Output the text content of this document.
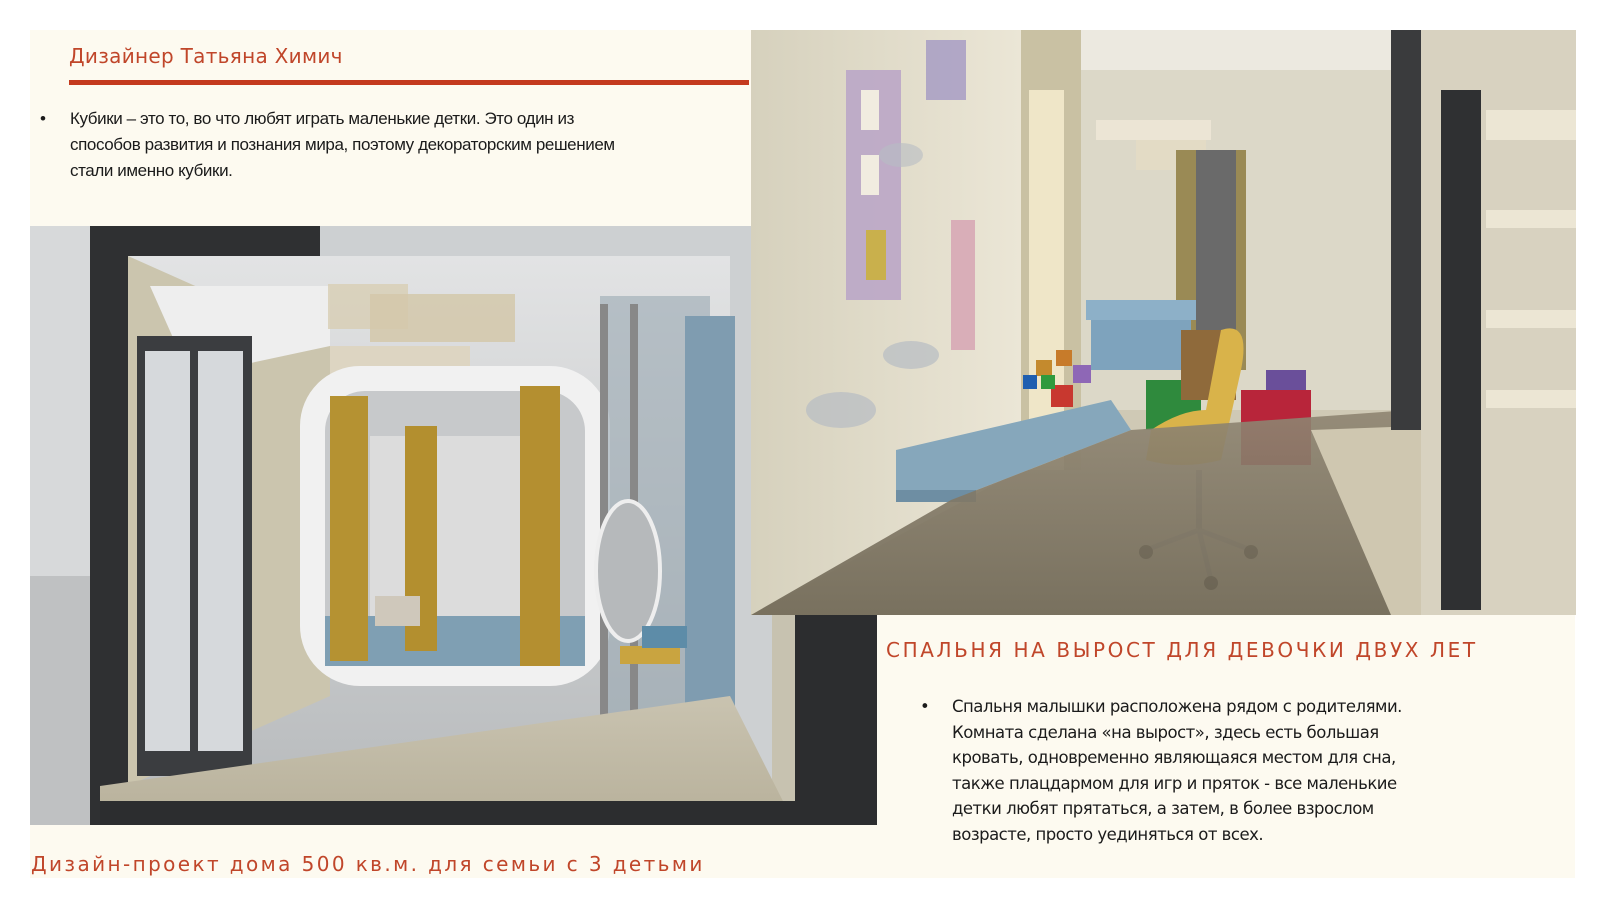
Дизайнер Татьяна Химич
• Кубики – это то, во что любят играть маленькие детки. Это один из способов развития и познания мира, поэтому декораторским решением стали именно кубики.
СПАЛЬНЯ НА ВЫРОСТ ДЛЯ ДЕВОЧКИ ДВУХ ЛЕТ
• Спальня малышки расположена рядом с родителями. Комната сделана «на вырост», здесь есть большая кровать, одновременно являющаяся местом для сна, также плацдармом для игр и пряток - все маленькие детки любят прятаться, а затем, в более взрослом возрасте, просто уединяться от всех.
Дизайн-проект дома 500 кв.м. для семьи с 3 детьми
